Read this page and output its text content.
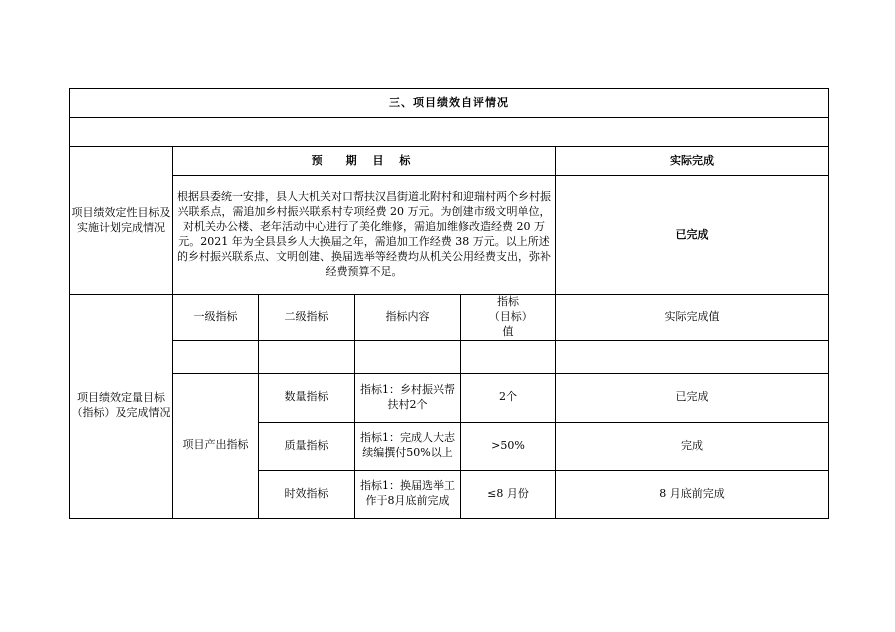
三、项目绩效自评情况					

项目绩效定性目标及实施计划完成情况	预　期 目 标				实际完成
	根据县委统一安排，县人大机关对口帮扶汉昌街道北附村和迎瑞村两个乡村振兴联系点，需追加乡村振兴联系村专项经费 20 万元。为创建市级文明单位，对机关办公楼、老年活动中心进行了美化维修，需追加维修改造经费 20 万元。2021 年为全县县乡人大换届之年，需追加工作经费 38 万元。以上所述的乡村振兴联系点、文明创建、换届选举等经费均从机关公用经费支出，弥补经费预算不足。				已完成
项目绩效定量目标（指标）及完成情况	一级指标	二级指标	指标内容	指标（目标）值	实际完成值

	项目产出指标	数量指标	指标1：乡村振兴帮扶村2个	2个	已完成
		质量指标	指标1：完成人大志续编撰付50%以上	>50%	完成
		时效指标	指标1：换届选举工作于8月底前完成	≤8 月份	8 月底前完成
